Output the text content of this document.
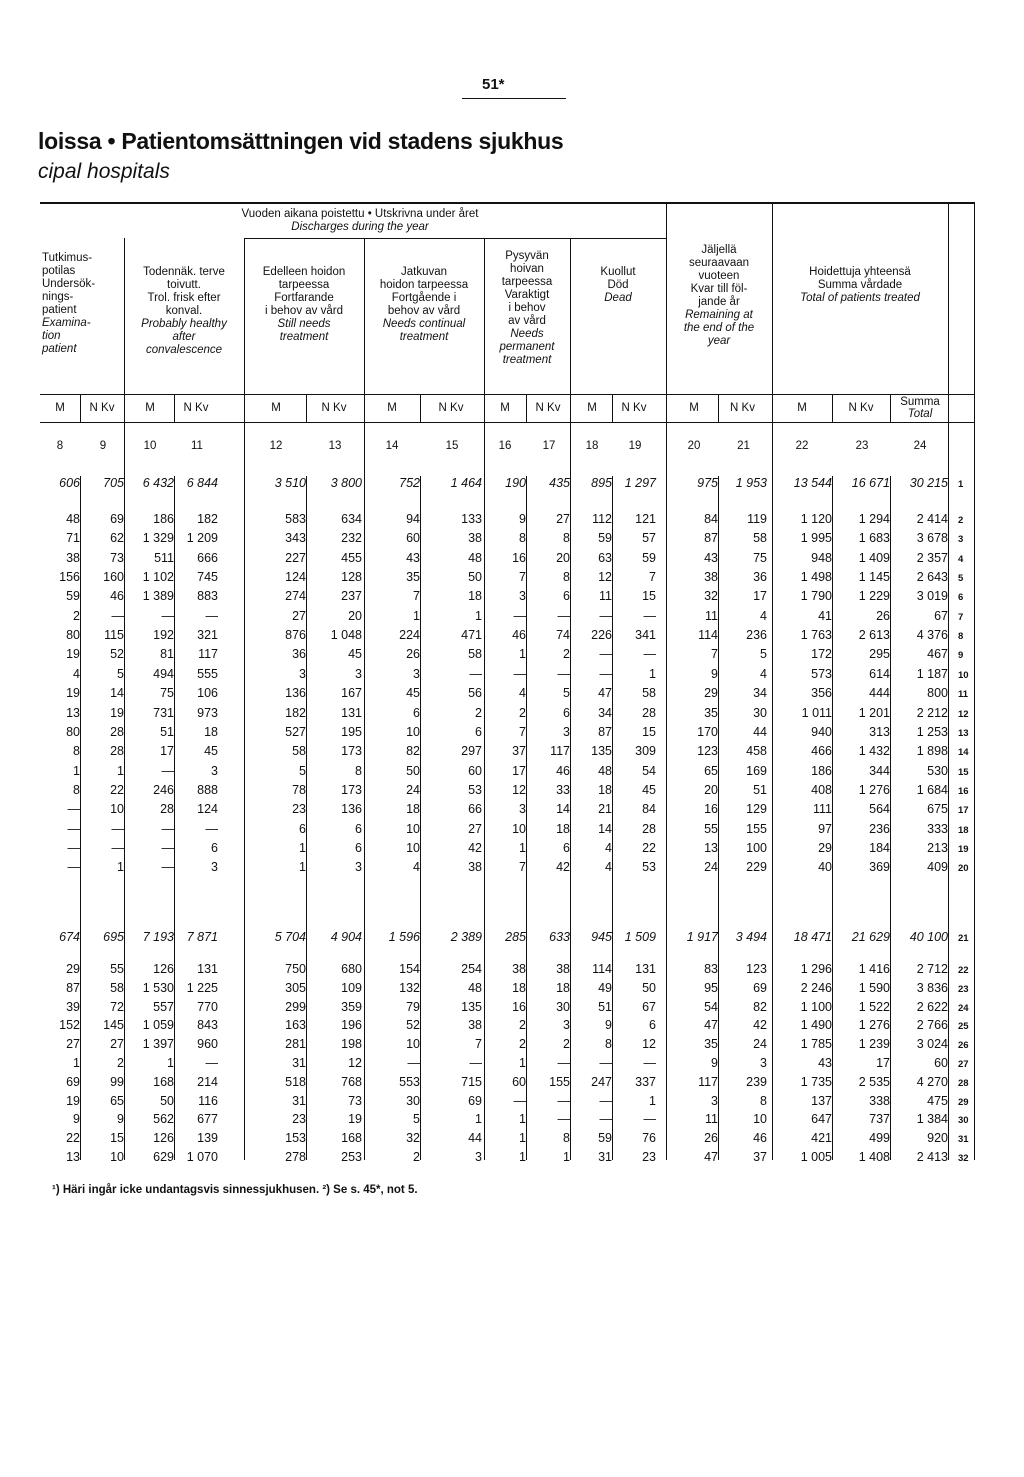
51*
loissa • Patientomsättningen vid stadens sjukhus
cipal hospitals
Vuoden aikana poistettu • Utskrivna under året
Discharges during the year
Tutkimus-
potilas
Undersök-
nings-
patient
Examina-
tion
patient
Todennäk. terve
toivutt.
Trol. frisk efter
konval.
Probably healthy
after
convalescence
Edelleen hoidon
tarpeessa
Fortfarande
i behov av vård
Still needs
treatment
Jatkuvan
hoidon tarpeessa
Fortgående i
behov av vård
Needs continual
treatment
Pysyvän
hoivan
tarpeessa
Varaktigt
i behov
av vård
Needs
permanent
treatment
Kuollut
Död
Dead
Jäljellä
seuraavaan
vuoteen
Kvar till föl-
jande år
Remaining at
the end of the
year
Hoidettuja yhteensä
Summa vårdade
Total of patients treated
M	N Kv	M	N Kv	M	N Kv	M	N Kv	M	N Kv	M	N Kv	M	N Kv	M	N Kv	Summa
Total
8	9	10	11	12	13	14	15	16	17	18	19	20	21	22	23	24
606	705	6 432	6 844	3 510	3 800	752	1 464	190	435	895	1 297	975	1 953	13 544	16 671	30 215 1
48	69	186	182	583	634	94	133	9	27	112	121	84	119	1 120	1 294	2 414 2
71	62	1 329	1 209	343	232	60	38	8	8	59	57	87	58	1 995	1 683	3 678 3
38	73	511	666	227	455	43	48	16	20	63	59	43	75	948	1 409	2 357 4
156	160	1 102	745	124	128	35	50	7	8	12	7	38	36	1 498	1 145	2 643 5
59	46	1 389	883	274	237	7	18	3	6	11	15	32	17	1 790	1 229	3 019 6
2	—	—	—	27	20	1	1	—	—	—	—	11	4	41	26	67 7
80	115	192	321	876	1 048	224	471	46	74	226	341	114	236	1 763	2 613	4 376 8
19	52	81	117	36	45	26	58	1	2	—	—	7	5	172	295	467 9
4	5	494	555	3	3	3	—	—	—	—	1	9	4	573	614	1 187 10
19	14	75	106	136	167	45	56	4	5	47	58	29	34	356	444	800 11
13	19	731	973	182	131	6	2	2	6	34	28	35	30	1 011	1 201	2 212 12
80	28	51	18	527	195	10	6	7	3	87	15	170	44	940	313	1 253 13
8	28	17	45	58	173	82	297	37	117	135	309	123	458	466	1 432	1 898 14
1	1	—	3	5	8	50	60	17	46	48	54	65	169	186	344	530 15
8	22	246	888	78	173	24	53	12	33	18	45	20	51	408	1 276	1 684 16
—	10	28	124	23	136	18	66	3	14	21	84	16	129	111	564	675 17
—	—	—	—	6	6	10	27	10	18	14	28	55	155	97	236	333 18
—	—	—	6	1	6	10	42	1	6	4	22	13	100	29	184	213 19
—	1	—	3	1	3	4	38	7	42	4	53	24	229	40	369	409 20
674	695	7 193	7 871	5 704	4 904	1 596	2 389	285	633	945	1 509	1 917	3 494	18 471	21 629	40 100 21
29	55	126	131	750	680	154	254	38	38	114	131	83	123	1 296	1 416	2 712 22
87	58	1 530	1 225	305	109	132	48	18	18	49	50	95	69	2 246	1 590	3 836 23
39	72	557	770	299	359	79	135	16	30	51	67	54	82	1 100	1 522	2 622 24
152	145	1 059	843	163	196	52	38	2	3	9	6	47	42	1 490	1 276	2 766 25
27	27	1 397	960	281	198	10	7	2	2	8	12	35	24	1 785	1 239	3 024 26
1	2	1	—	31	12	—	—	1	—	—	—	9	3	43	17	60 27
69	99	168	214	518	768	553	715	60	155	247	337	117	239	1 735	2 535	4 270 28
19	65	50	116	31	73	30	69	—	—	—	1	3	8	137	338	475 29
9	9	562	677	23	19	5	1	1	—	—	—	11	10	647	737	1 384 30
22	15	126	139	153	168	32	44	1	8	59	76	26	46	421	499	920 31
13	10	629	1 070	278	253	2	3	1	1	31	23	47	37	1 005	1 408	2 413 32
¹) Häri ingår icke undantagsvis sinnessjukhusen. ²) Se s. 45*, not 5.
